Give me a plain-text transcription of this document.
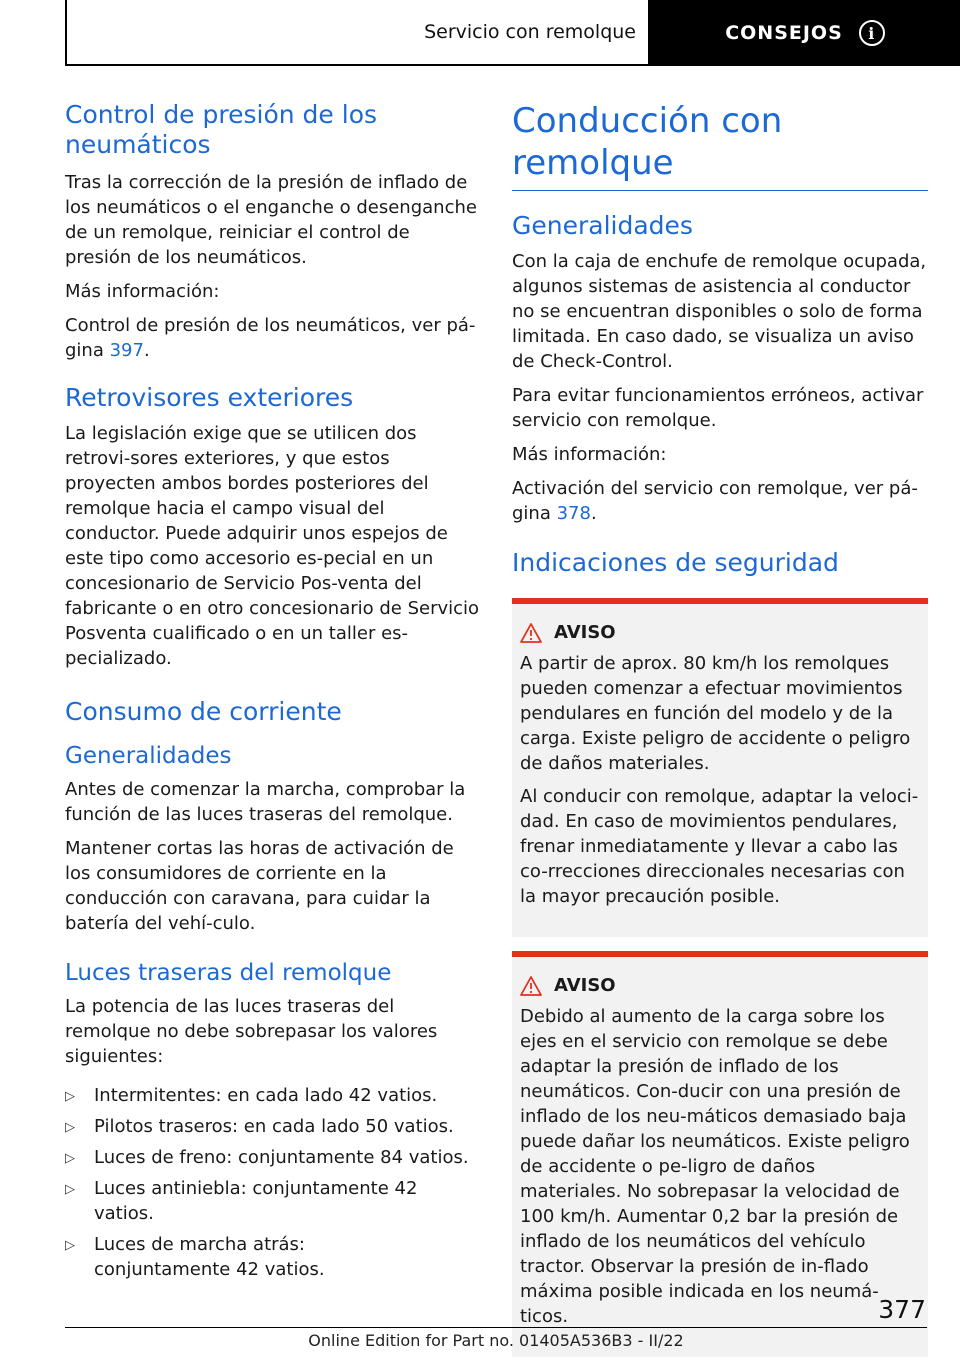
Servicio con remolque	CONSEJOS	i
Control de presión de los neumáticos

Tras la corrección de la presión de inflado de los neumáticos o el enganche o desenganche de un remolque, reiniciar el control de presión de los neumáticos.

Más información:

Control de presión de los neumáticos, ver pá-gina 397.

Retrovisores exteriores

La legislación exige que se utilicen dos retrovi-sores exteriores, y que estos proyecten ambos bordes posteriores del remolque hacia el campo visual del conductor. Puede adquirir unos espejos de este tipo como accesorio es-pecial en un concesionario de Servicio Pos-venta del fabricante o en otro concesionario de Servicio Posventa cualificado o en un taller es-pecializado.

Consumo de corriente
Generalidades

Antes de comenzar la marcha, comprobar la función de las luces traseras del remolque.

Mantener cortas las horas de activación de los consumidores de corriente en la conducción con caravana, para cuidar la batería del vehí-culo.

Luces traseras del remolque

La potencia de las luces traseras del remolque no debe sobrepasar los valores siguientes:

▷ Intermitentes: en cada lado 42 vatios.
▷ Pilotos traseros: en cada lado 50 vatios.
▷ Luces de freno: conjuntamente 84 vatios.
▷ Luces antiniebla: conjuntamente 42 vatios.
▷ Luces de marcha atrás: conjuntamente 42 vatios.
Conducción con remolque
Generalidades

Con la caja de enchufe de remolque ocupada, algunos sistemas de asistencia al conductor no se encuentran disponibles o solo de forma limitada. En caso dado, se visualiza un aviso de Check-Control.

Para evitar funcionamientos erróneos, activar servicio con remolque.

Más información:

Activación del servicio con remolque, ver pá-gina 378.

Indicaciones de seguridad
AVISO

A partir de aprox. 80 km/h los remolques pueden comenzar a efectuar movimientos pendulares en función del modelo y de la carga. Existe peligro de accidente o peligro de daños materiales.

Al conducir con remolque, adaptar la veloci-dad. En caso de movimientos pendulares, frenar inmediatamente y llevar a cabo las co-rrecciones direccionales necesarias con la mayor precaución posible.

AVISO

Debido al aumento de la carga sobre los ejes en el servicio con remolque se debe adaptar la presión de inflado de los neumáticos. Con-ducir con una presión de inflado de los neu-máticos demasiado baja puede dañar los neumáticos. Existe peligro de accidente o pe-ligro de daños materiales. No sobrepasar la velocidad de 100 km/h. Aumentar 0,2 bar la presión de inflado de los neumáticos del vehículo tractor. Observar la presión de in-flado máxima posible indicada en los neumá-ticos.	377
Online Edition for Part no. 01405A536B3 - II/22
